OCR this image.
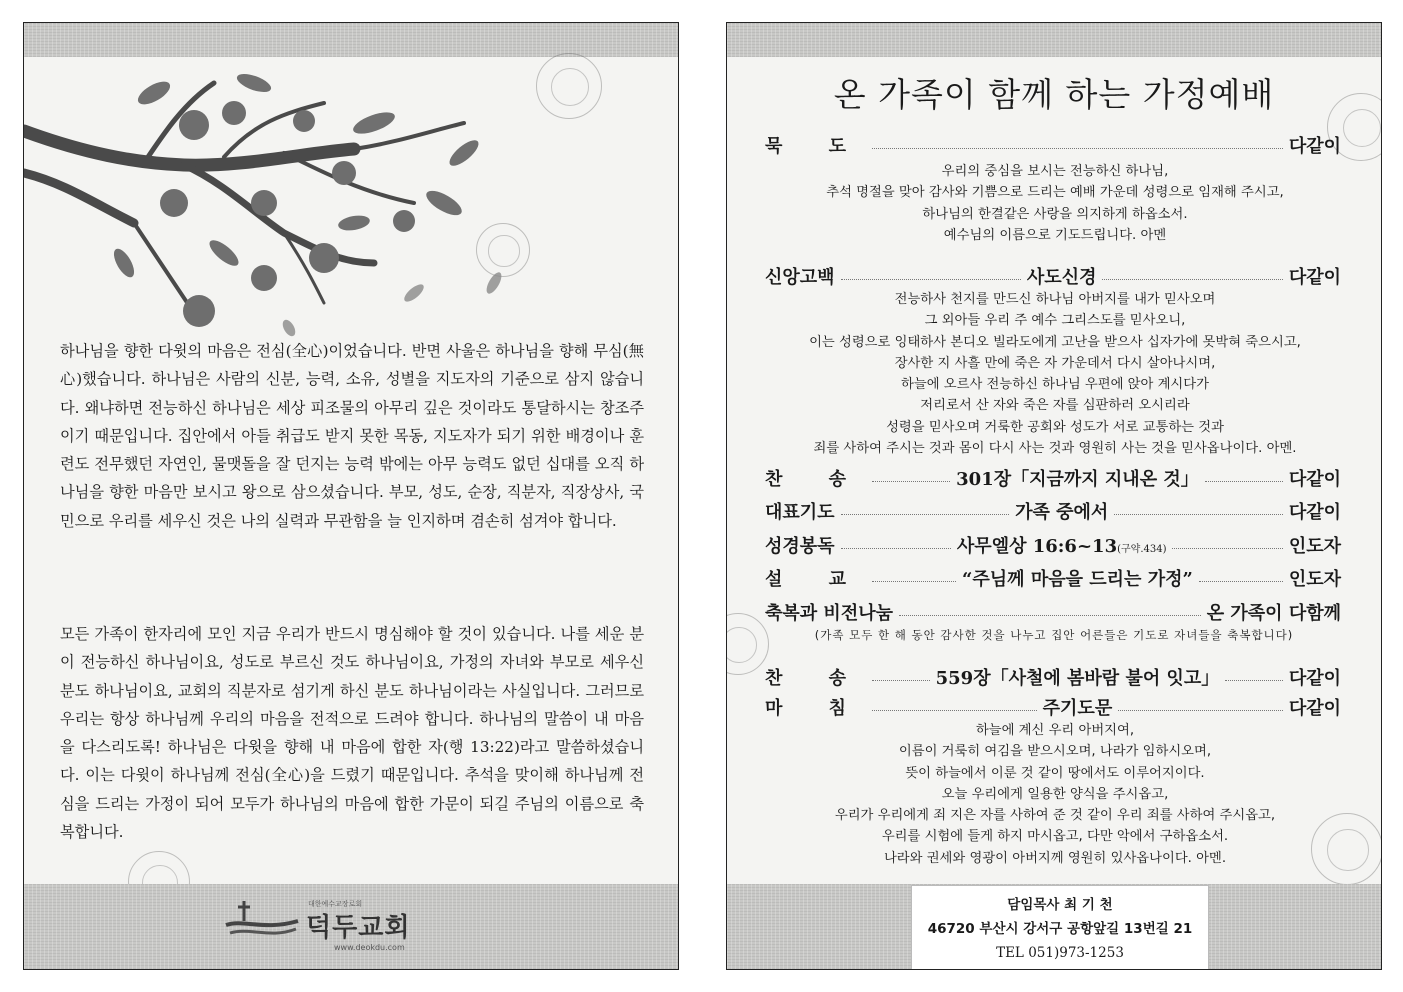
하나님을 향한 다윗의 마음은 전심(全心)이었습니다. 반면 사울은 하나님을 향해 무심(無心)했습니다. 하나님은 사람의 신분, 능력, 소유, 성별을 지도자의 기준으로 삼지 않습니다. 왜냐하면 전능하신 하나님은 세상 피조물의 아무리 깊은 것이라도 통달하시는 창조주이기 때문입니다. 집안에서 아들 취급도 받지 못한 목동, 지도자가 되기 위한 배경이나 훈련도 전무했던 자연인, 물맷돌을 잘 던지는 능력 밖에는 아무 능력도 없던 십대를 오직 하나님을 향한 마음만 보시고 왕으로 삼으셨습니다. 부모, 성도, 순장, 직분자, 직장상사, 국민으로 우리를 세우신 것은 나의 실력과 무관함을 늘 인지하며 겸손히 섬겨야 합니다.
모든 가족이 한자리에 모인 지금 우리가 반드시 명심해야 할 것이 있습니다. 나를 세운 분이 전능하신 하나님이요, 성도로 부르신 것도 하나님이요, 가정의 자녀와 부모로 세우신 분도 하나님이요, 교회의 직분자로 섬기게 하신 분도 하나님이라는 사실입니다. 그러므로 우리는 항상 하나님께 우리의 마음을 전적으로 드려야 합니다. 하나님의 말씀이 내 마음을 다스리도록! 하나님은 다윗을 향해 내 마음에 합한 자(행 13:22)라고 말씀하셨습니다. 이는 다윗이 하나님께 전심(全心)을 드렸기 때문입니다. 추석을 맞이해 하나님께 전심을 드리는 가정이 되어 모두가 하나님의 마음에 합한 가문이 되길 주님의 이름으로 축복합니다.
대한예수교장로회
덕두교회
www.deokdu.com
온 가족이 함께 하는 가정예배
묵 도	다같이
우리의 중심을 보시는 전능하신 하나님,
추석 명절을 맞아 감사와 기쁨으로 드리는 예배 가운데 성령으로 임재해 주시고,
하나님의 한결같은 사랑을 의지하게 하옵소서.
예수님의 이름으로 기도드립니다. 아멘
신앙고백	사도신경	다같이
전능하사 천지를 만드신 하나님 아버지를 내가 믿사오며
그 외아들 우리 주 예수 그리스도를 믿사오니,
이는 성령으로 잉태하사 본디오 빌라도에게 고난을 받으사 십자가에 못박혀 죽으시고,
장사한 지 사흘 만에 죽은 자 가운데서 다시 살아나시며,
하늘에 오르사 전능하신 하나님 우편에 앉아 계시다가
저리로서 산 자와 죽은 자를 심판하러 오시리라
성령을 믿사오며 거룩한 공회와 성도가 서로 교통하는 것과
죄를 사하여 주시는 것과 몸이 다시 사는 것과 영원히 사는 것을 믿사옵나이다. 아멘.
찬 송	301장「지금까지 지내온 것」	다같이
대표기도	가족 중에서	다같이
성경봉독	사무엘상 16:6~13(구약.434)	인도자
설 교	“주님께 마음을 드리는 가정”	인도자
축복과 비전나눔	온 가족이 다함께
(가족 모두 한 해 동안 감사한 것을 나누고 집안 어른들은 기도로 자녀들을 축복합니다)
찬 송	559장「사철에 봄바람 불어 잇고」	다같이
마 침	주기도문	다같이
하늘에 계신 우리 아버지여,
이름이 거룩히 여김을 받으시오며, 나라가 임하시오며,
뜻이 하늘에서 이룬 것 같이 땅에서도 이루어지이다.
오늘 우리에게 일용한 양식을 주시옵고,
우리가 우리에게 죄 지은 자를 사하여 준 것 같이 우리 죄를 사하여 주시옵고,
우리를 시험에 들게 하지 마시옵고, 다만 악에서 구하옵소서.
나라와 권세와 영광이 아버지께 영원히 있사옵나이다. 아멘.
담임목사 최 기 천
46720 부산시 강서구 공항앞길 13번길 21
TEL 051)973-1253
